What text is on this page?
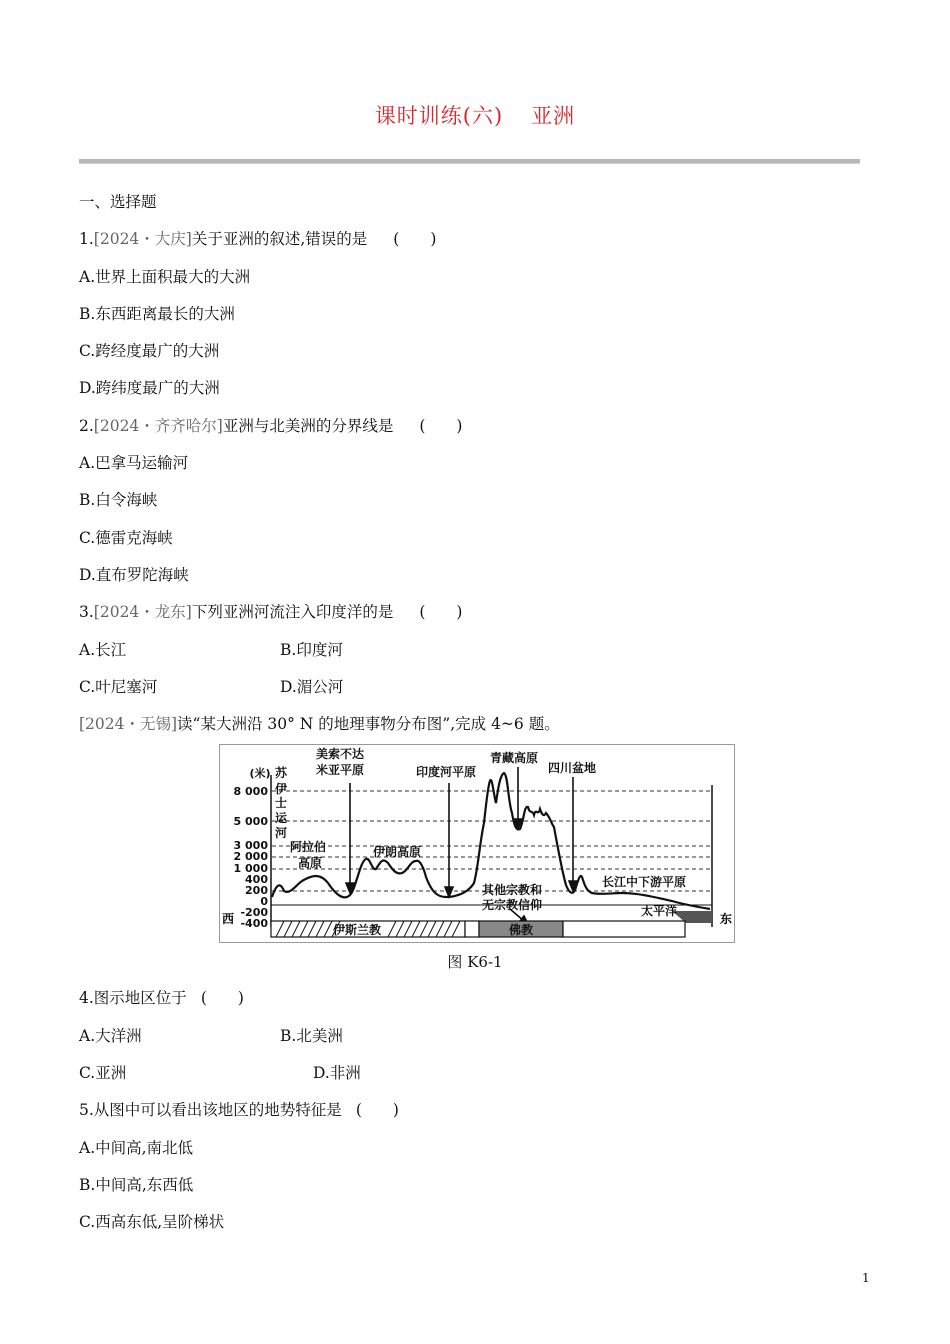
课时训练(六) 亚洲
一、选择题
1.[2024・大庆]关于亚洲的叙述,错误的是 (　　)
A.世界上面积最大的大洲
B.东西距离最长的大洲
C.跨经度最广的大洲
D.跨纬度最广的大洲
2.[2024・齐齐哈尔]亚洲与北美洲的分界线是 (　　)
A.巴拿马运输河
B.白令海峡
C.德雷克海峡
D.直布罗陀海峡
3.[2024・龙东]下列亚洲河流注入印度洋的是 (　　)
A.长江	B.印度河
C.叶尼塞河	D.湄公河
[2024・无锡]读“某大洲沿 30° N 的地理事物分布图”,完成 4~6 题。
(米)
8 000
5 000
3 000
2 000
1 000
400
200
0
-200
-400
西	东
苏
伊
士
运
河
美索不达
米亚平原	印度河平原
青藏高原
四川盆地
阿拉伯
高原
伊朗高原
长江中下游平原
其他宗教和
无宗教信仰	太平洋
伊斯兰教	佛教
图 K6-1
4.图示地区位于 (　　)
A.大洋洲	B.北美洲
C.亚洲	D.非洲
5.从图中可以看出该地区的地势特征是 (　　)
A.中间高,南北低
B.中间高,东西低
C.西高东低,呈阶梯状
1
